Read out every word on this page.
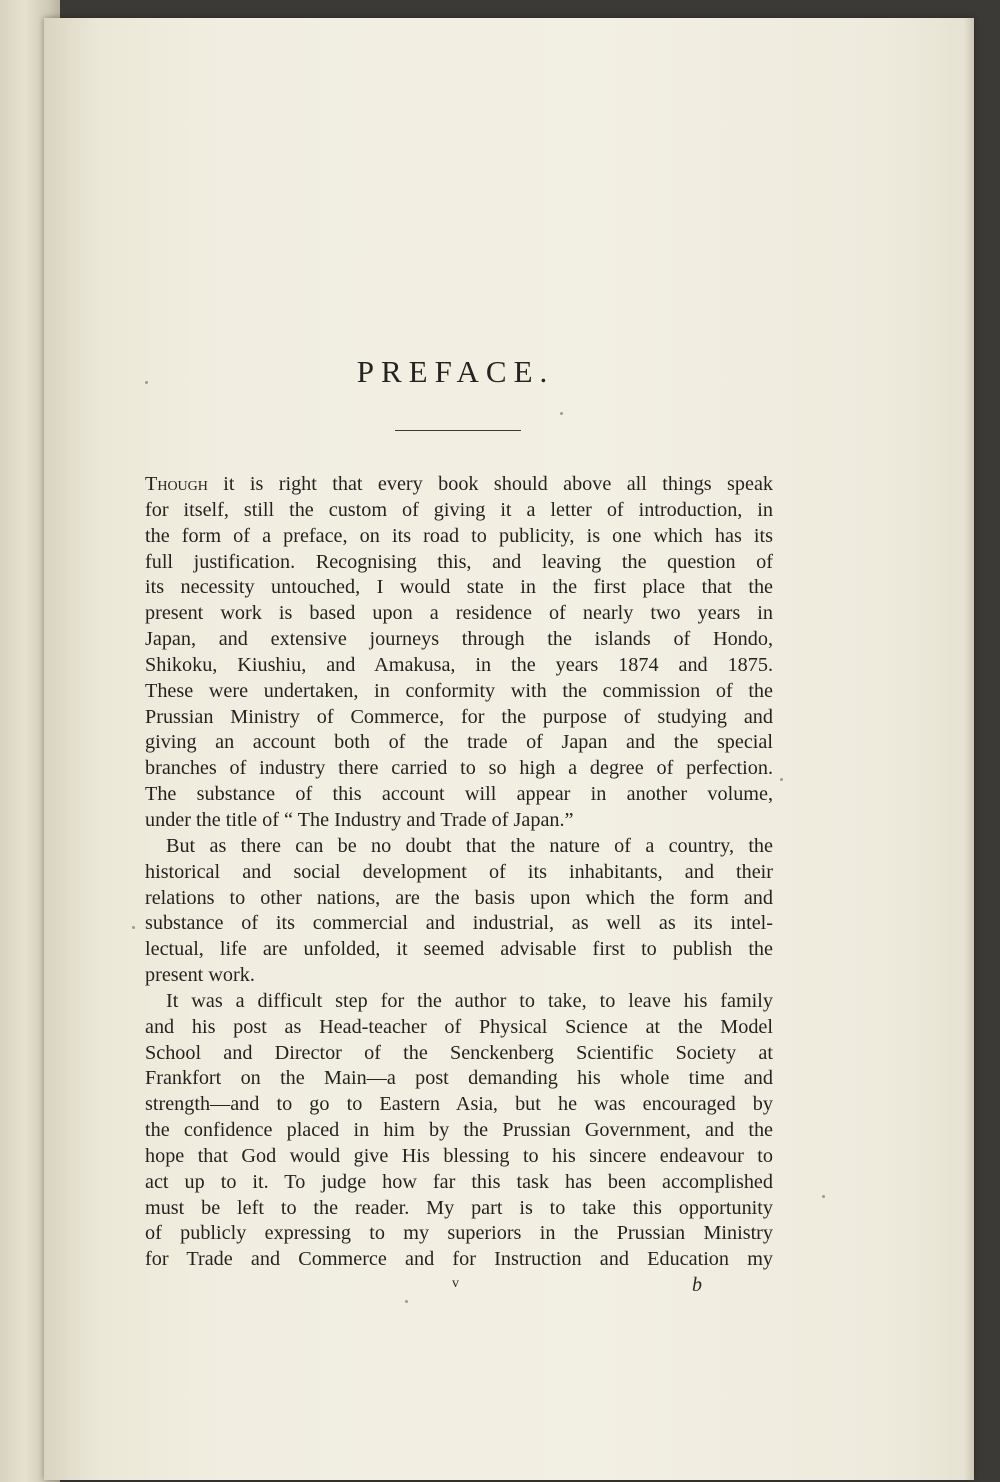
PREFACE.
Though it is right that every book should above all things speak
for itself, still the custom of giving it a letter of introduction, in
the form of a preface, on its road to publicity, is one which has its
full justification. Recognising this, and leaving the question of
its necessity untouched, I would state in the first place that the
present work is based upon a residence of nearly two years in
Japan, and extensive journeys through the islands of Hondo,
Shikoku, Kiushiu, and Amakusa, in the years 1874 and 1875.
These were undertaken, in conformity with the commission of the
Prussian Ministry of Commerce, for the purpose of studying and
giving an account both of the trade of Japan and the special
branches of industry there carried to so high a degree of perfection.
The substance of this account will appear in another volume,
under the title of “ The Industry and Trade of Japan.”
But as there can be no doubt that the nature of a country, the
historical and social development of its inhabitants, and their
relations to other nations, are the basis upon which the form and
substance of its commercial and industrial, as well as its intel-
lectual, life are unfolded, it seemed advisable first to publish the
present work.
It was a difficult step for the author to take, to leave his family
and his post as Head-teacher of Physical Science at the Model
School and Director of the Senckenberg Scientific Society at
Frankfort on the Main—a post demanding his whole time and
strength—and to go to Eastern Asia, but he was encouraged by
the confidence placed in him by the Prussian Government, and the
hope that God would give His blessing to his sincere endeavour to
act up to it. To judge how far this task has been accomplished
must be left to the reader. My part is to take this opportunity
of publicly expressing to my superiors in the Prussian Ministry
for Trade and Commerce and for Instruction and Education my
v	b
